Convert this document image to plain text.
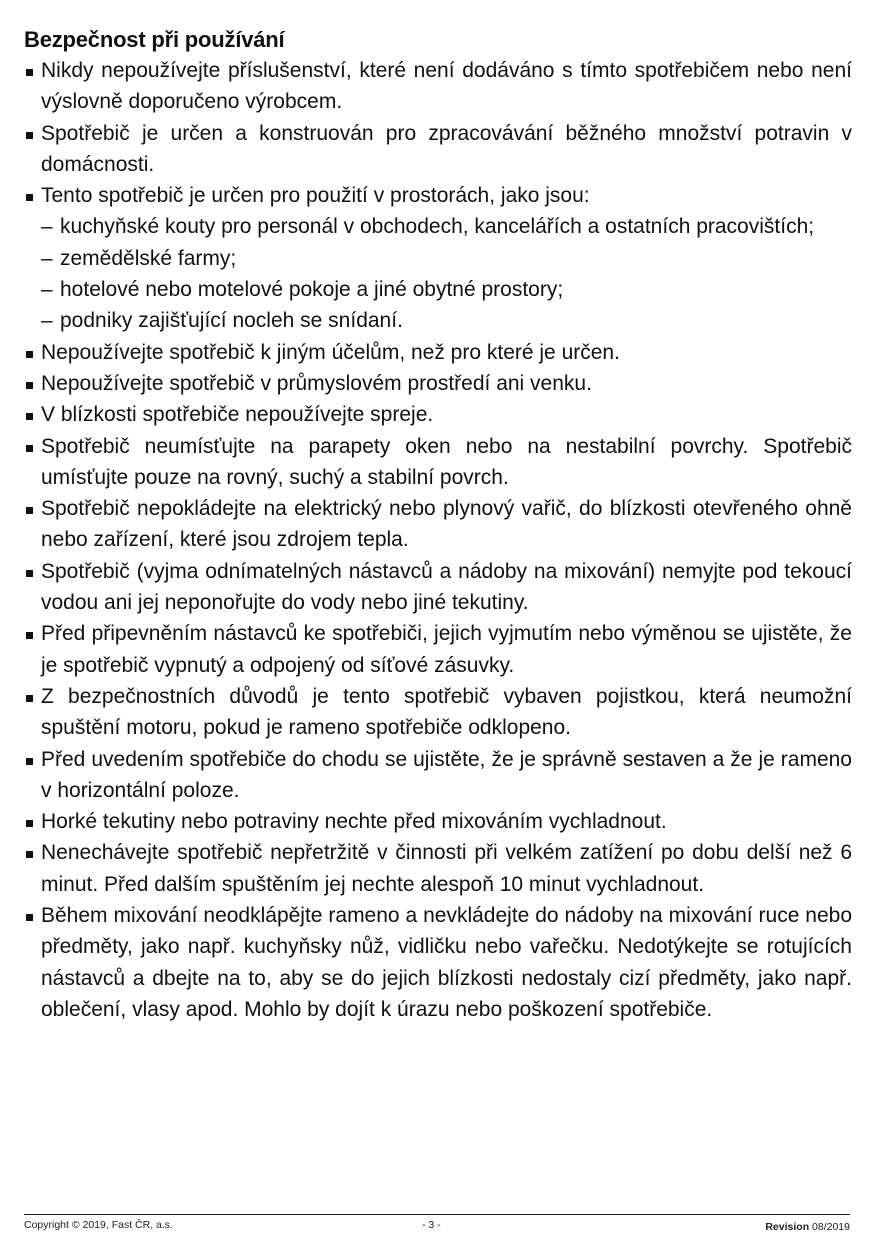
Bezpečnost při používání
Nikdy nepoužívejte příslušenství, které není dodáváno s tímto spotřebičem nebo není výslovně doporučeno výrobcem.
Spotřebič je určen a konstruován pro zpracovávání běžného množství potravin v domácnosti.
Tento spotřebič je určen pro použití v prostorách, jako jsou:
– kuchyňské kouty pro personál v obchodech, kancelářích a ostatních pracovištích;
– zemědělské farmy;
– hotelové nebo motelové pokoje a jiné obytné prostory;
– podniky zajišťující nocleh se snídaní.
Nepoužívejte spotřebič k jiným účelům, než pro které je určen.
Nepoužívejte spotřebič v průmyslovém prostředí ani venku.
V blízkosti spotřebiče nepoužívejte spreje.
Spotřebič neumísťujte na parapety oken nebo na nestabilní povrchy. Spotřebič umísťujte pouze na rovný, suchý a stabilní povrch.
Spotřebič nepokládejte na elektrický nebo plynový vařič, do blízkosti otevřeného ohně nebo zařízení, které jsou zdrojem tepla.
Spotřebič (vyjma odnímatelných nástavců a nádoby na mixování) nemyjte pod tekoucí vodou ani jej neponořujte do vody nebo jiné tekutiny.
Před připevněním nástavců ke spotřebiči, jejich vyjmutím nebo výměnou se ujistěte, že je spotřebič vypnutý a odpojený od síťové zásuvky.
Z bezpečnostních důvodů je tento spotřebič vybaven pojistkou, která neumožní spuštění motoru, pokud je rameno spotřebiče odklopeno.
Před uvedením spotřebiče do chodu se ujistěte, že je správně sestaven a že je rameno v horizontální poloze.
Horké tekutiny nebo potraviny nechte před mixováním vychladnout.
Nenechávejte spotřebič nepřetržitě v činnosti při velkém zatížení po dobu delší než 6 minut. Před dalším spuštěním jej nechte alespoň 10 minut vychladnout.
Během mixování neodklápějte rameno a nevkládejte do nádoby na mixování ruce nebo předměty, jako např. kuchyňsky nůž, vidličku nebo vařečku. Nedotýkejte se rotujících nástavců a dbejte na to, aby se do jejich blízkosti nedostaly cizí předměty, jako např. oblečení, vlasy apod. Mohlo by dojít k úrazu nebo poškození spotřebiče.
Copyright © 2019, Fast ČR, a.s.	- 3 -	Revision 08/2019
